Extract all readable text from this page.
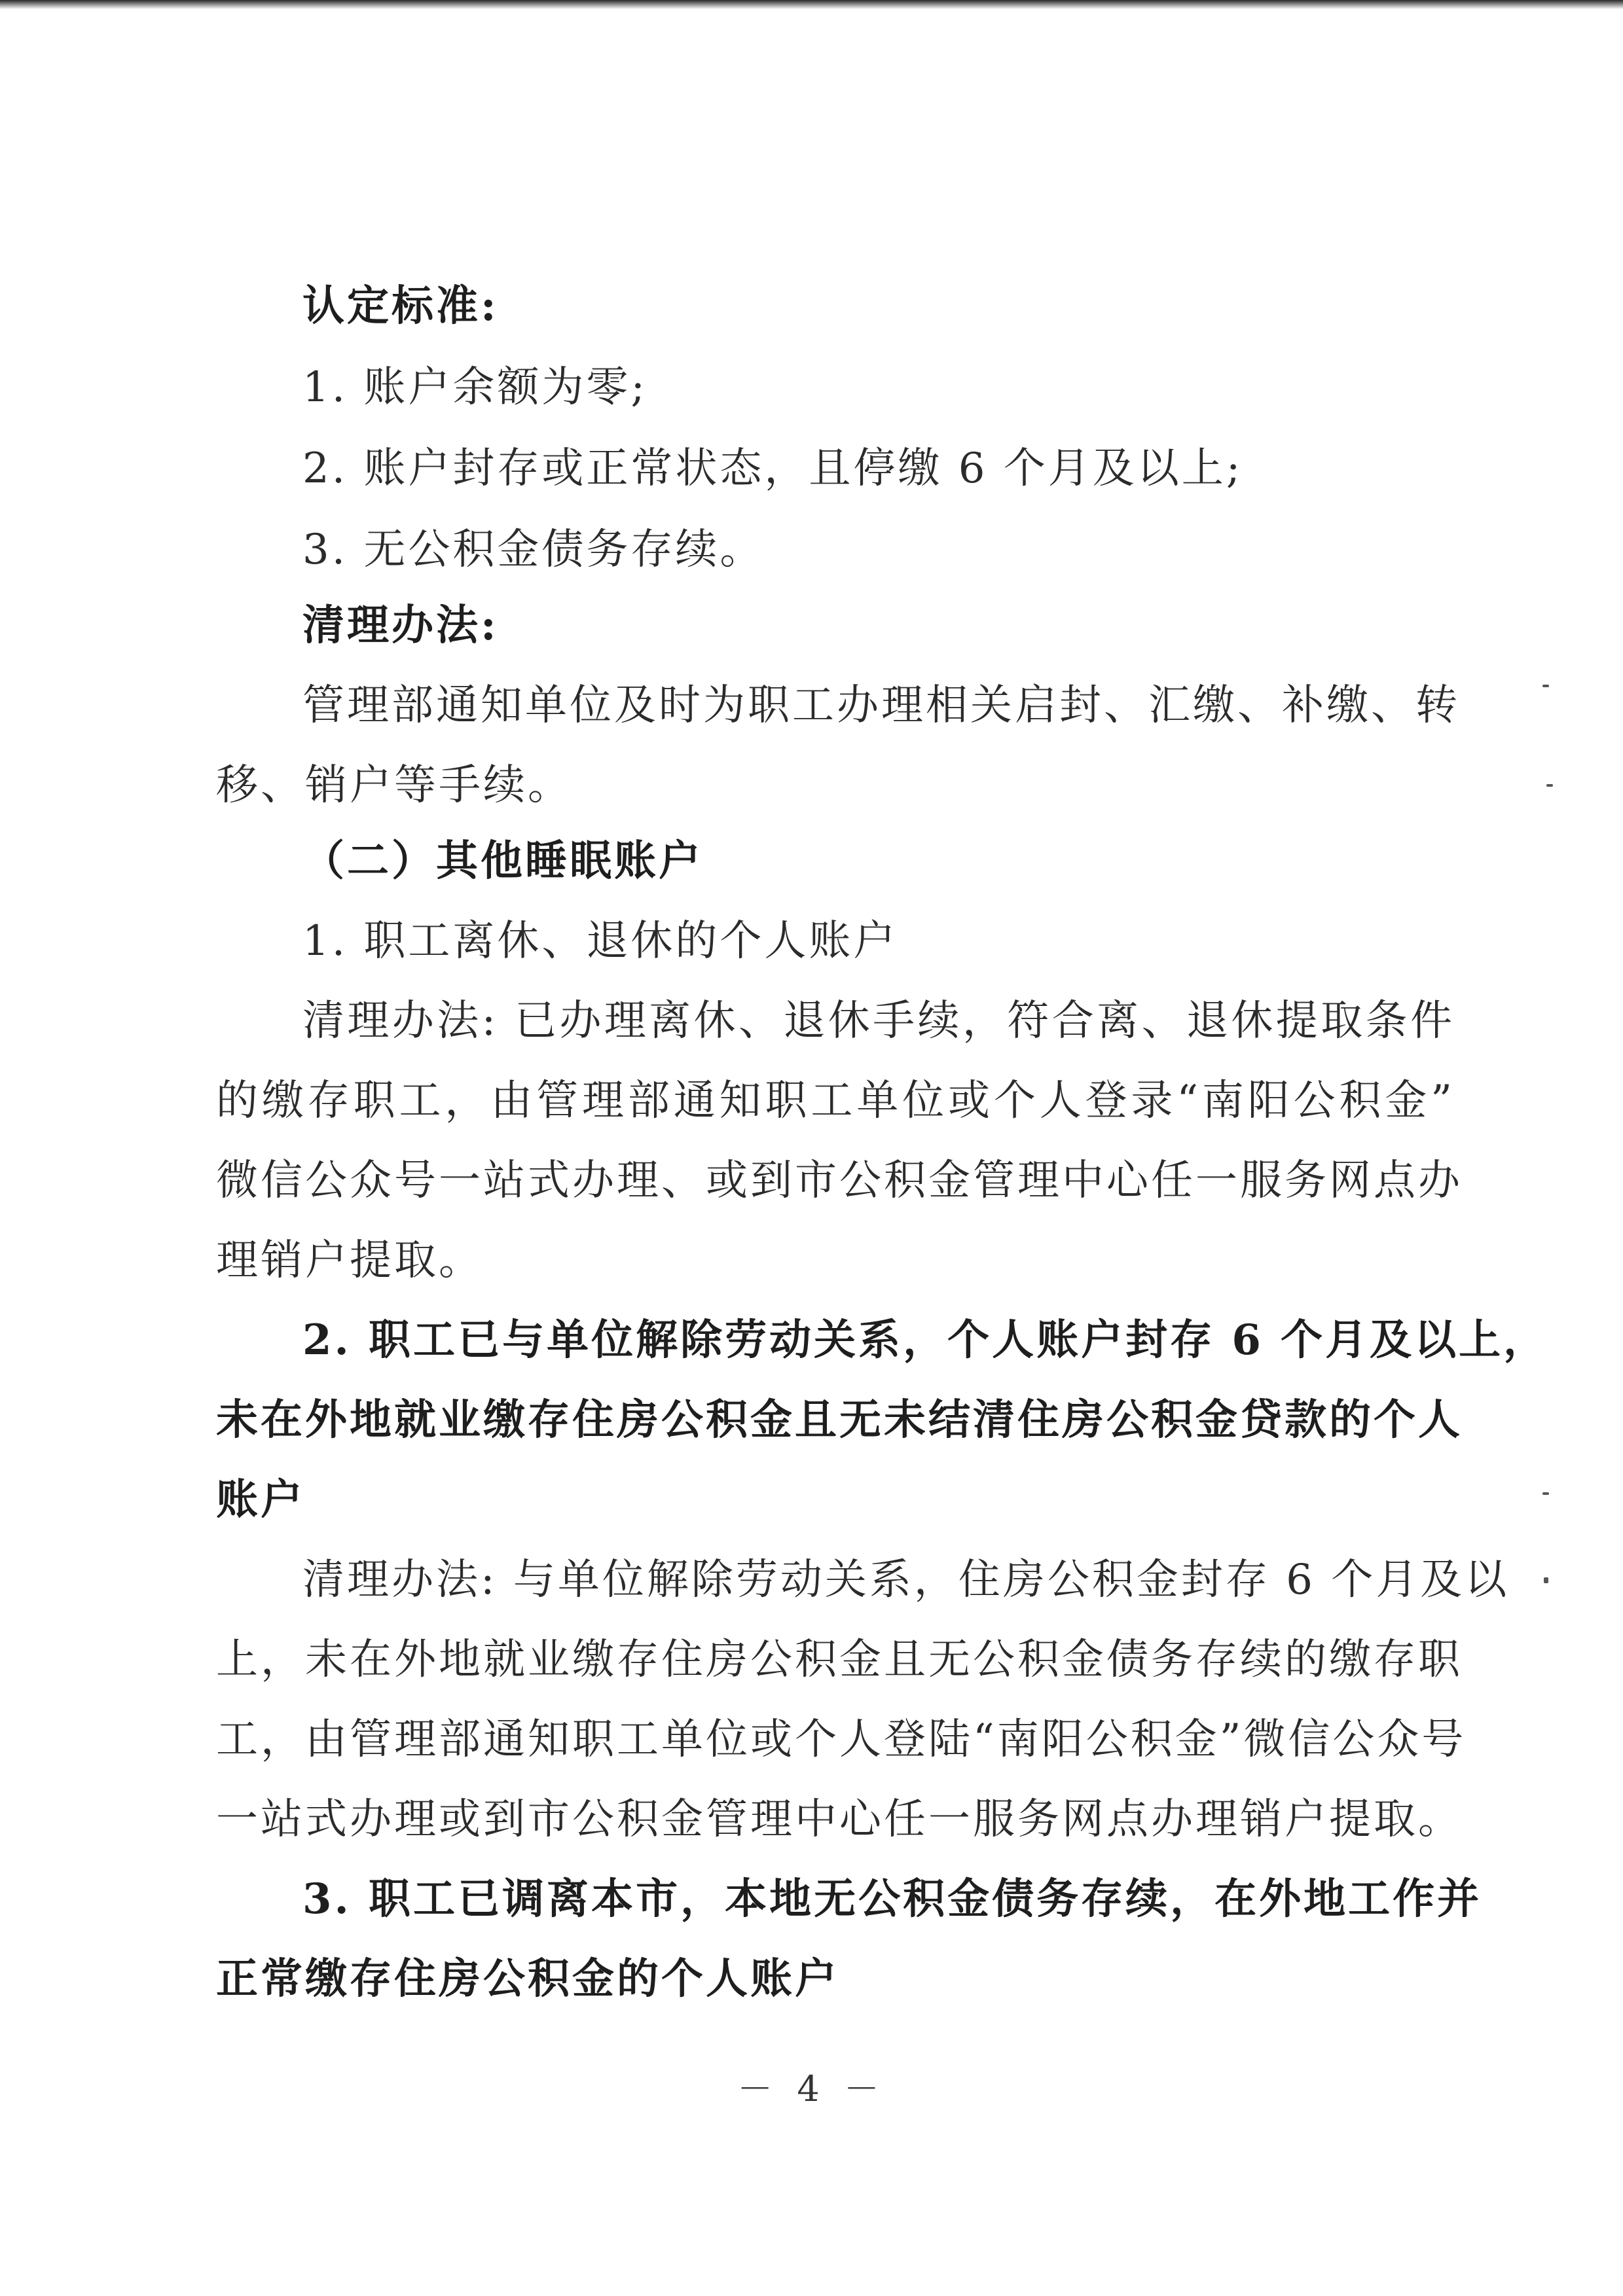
认定标准:
1. 账户余额为零;
2. 账户封存或正常状态，且停缴 6 个月及以上;
3. 无公积金债务存续。
清理办法:
管理部通知单位及时为职工办理相关启封、汇缴、补缴、转
移、销户等手续。
（二）其他睡眠账户
1. 职工离休、退休的个人账户
清理办法: 已办理离休、退休手续，符合离、退休提取条件
的缴存职工，由管理部通知职工单位或个人登录“南阳公积金”
微信公众号一站式办理、或到市公积金管理中心任一服务网点办
理销户提取。
2. 职工已与单位解除劳动关系，个人账户封存 6 个月及以上，
未在外地就业缴存住房公积金且无未结清住房公积金贷款的个人
账户
清理办法: 与单位解除劳动关系，住房公积金封存 6 个月及以
上，未在外地就业缴存住房公积金且无公积金债务存续的缴存职
工，由管理部通知职工单位或个人登陆“南阳公积金”微信公众号
一站式办理或到市公积金管理中心任一服务网点办理销户提取。
3. 职工已调离本市，本地无公积金债务存续，在外地工作并
正常缴存住房公积金的个人账户
－ 4 －
